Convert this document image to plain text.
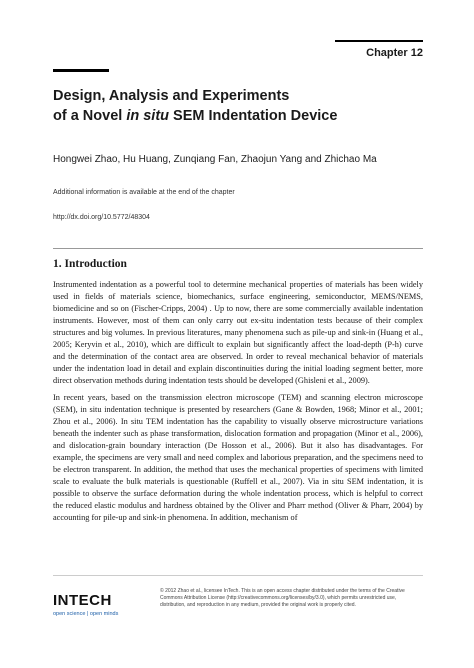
Chapter 12
Design, Analysis and Experiments
of a Novel in situ SEM Indentation Device
Hongwei Zhao, Hu Huang, Zunqiang Fan, Zhaojun Yang and Zhichao Ma
Additional information is available at the end of the chapter
http://dx.doi.org/10.5772/48304
1. Introduction
Instrumented indentation as a powerful tool to determine mechanical properties of materials has been widely used in fields of materials science, biomechanics, surface engineering, semiconductor, MEMS/NEMS, biomedicine and so on (Fischer-Cripps, 2004) . Up to now, there are some commercially available indentation instruments. However, most of them can only carry out ex-situ indentation tests because of their complex structures and big volumes. In previous literatures, many phenomena such as pile-up and sink-in (Huang et al., 2005; Keryvin et al., 2010), which are difficult to explain but significantly affect the load-depth (P-h) curve and the determination of the contact area are observed. In order to reveal mechanical behavior of materials under the indentation load in detail and explain discontinuities during the initial loading segment better, more direct observation methods during indentation tests should be developed (Ghisleni et al., 2009).
In recent years, based on the transmission electron microscope (TEM) and scanning electron microscope (SEM), in situ indentation technique is presented by researchers (Gane & Bowden, 1968; Minor et al., 2001; Zhou et al., 2006). In situ TEM indentation has the capability to visually observe microstructure variations beneath the indenter such as phase transformation, dislocation formation and propagation (Minor et al., 2006), and dislocation-grain boundary interaction (De Hosson et al., 2006). But it also has disadvantages. For example, the specimens are very small and need complex and laborious preparation, and the specimens need to be electron transparent. In addition, the method that uses the mechanical properties of specimens with limited scale to evaluate the bulk materials is questionable (Ruffell et al., 2007). Via in situ SEM indentation, it is possible to observe the surface deformation during the whole indentation process, which is helpful to correct the reduced elastic modulus and hardness obtained by the Oliver and Pharr method (Oliver & Pharr, 2004) by accounting for pile-up and sink-in phenomena. In addition, mechanism of
INTECH
open science | open minds
© 2012 Zhao et al., licensee InTech. This is an open access chapter distributed under the terms of the Creative Commons Attribution License (http://creativecommons.org/licenses/by/3.0), which permits unrestricted use, distribution, and reproduction in any medium, provided the original work is properly cited.
